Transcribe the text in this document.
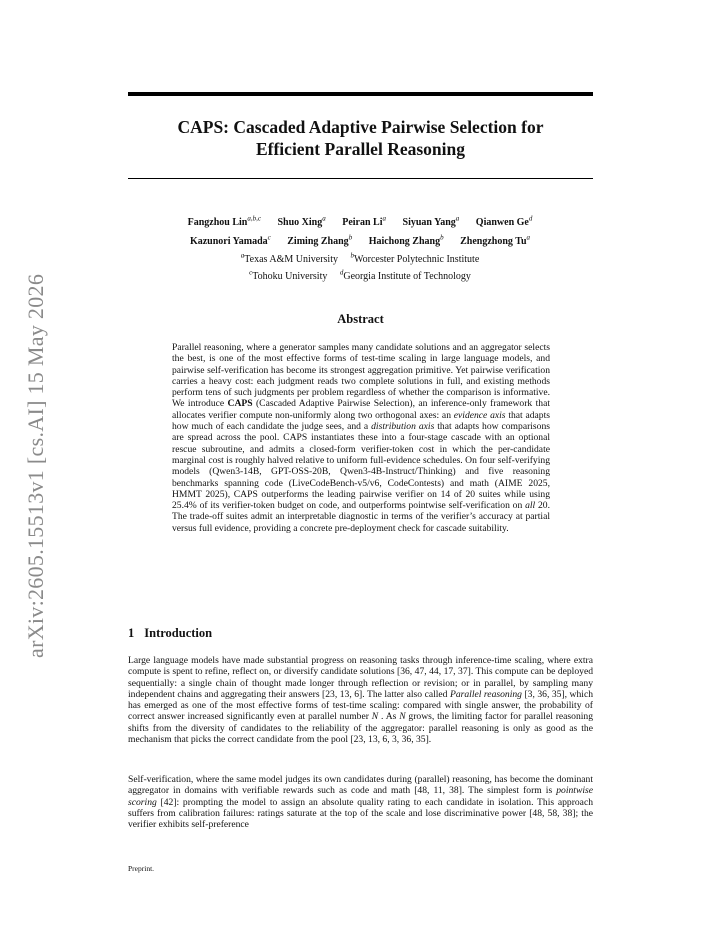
arXiv:2605.15513v1 [cs.AI] 15 May 2026
CAPS: Cascaded Adaptive Pairwise Selection for
Efficient Parallel Reasoning
Fangzhou Lin$^{a,b,c}$ Shuo Xing$^a$ Peiran Li$^a$ Siyuan Yang$^a$ Qianwen Ge$^d$
Kazunori Yamada$^c$ Ziming Zhang$^b$ Haichong Zhang$^b$ Zhengzhong Tu$^a$
$^a$Texas A&M University $^b$Worcester Polytechnic Institute
$^c$Tohoku University $^d$Georgia Institute of Technology
Abstract
Parallel reasoning, where a generator samples many candidate solutions and an aggregator selects the best, is one of the most effective forms of test-time scaling in large language models, and pairwise self-verification has become its strongest aggregation primitive. Yet pairwise verification carries a heavy cost: each judgment reads two complete solutions in full, and existing methods perform tens of such judgments per problem regardless of whether the comparison is informative. We introduce CAPS (Cascaded Adaptive Pairwise Selection), an inference-only framework that allocates verifier compute non-uniformly along two orthogonal axes: an evidence axis that adapts how much of each candidate the judge sees, and a distribution axis that adapts how comparisons are spread across the pool. CAPS instantiates these into a four-stage cascade with an optional rescue subroutine, and admits a closed-form verifier-token cost in which the per-candidate marginal cost is roughly halved relative to uniform full-evidence schedules. On four self-verifying models (Qwen3-14B, GPT-OSS-20B, Qwen3-4B-Instruct/Thinking) and five reasoning benchmarks spanning code (LiveCodeBench-v5/v6, CodeContests) and math (AIME 2025, HMMT 2025), CAPS outperforms the leading pairwise verifier on 14 of 20 suites while using 25.4% of its verifier-token budget on code, and outperforms pointwise self-verification on all 20. The trade-off suites admit an interpretable diagnostic in terms of the verifier’s accuracy at partial versus full evidence, providing a concrete pre-deployment check for cascade suitability.
1 Introduction
Large language models have made substantial progress on reasoning tasks through inference-time scaling, where extra compute is spent to refine, reflect on, or diversify candidate solutions [36, 47, 44, 17, 37]. This compute can be deployed sequentially: a single chain of thought made longer through reflection or revision; or in parallel, by sampling many independent chains and aggregating their answers [23, 13, 6]. The latter also called Parallel reasoning [3, 36, 35], which has emerged as one of the most effective forms of test-time scaling: compared with single answer, the probability of correct answer increased significantly even at parallel number N . As N grows, the limiting factor for parallel reasoning shifts from the diversity of candidates to the reliability of the aggregator: parallel reasoning is only as good as the mechanism that picks the correct candidate from the pool [23, 13, 6, 3, 36, 35].
Self-verification, where the same model judges its own candidates during (parallel) reasoning, has become the dominant aggregator in domains with verifiable rewards such as code and math [48, 11, 38]. The simplest form is pointwise scoring [42]: prompting the model to assign an absolute quality rating to each candidate in isolation. This approach suffers from calibration failures: ratings saturate at the top of the scale and lose discriminative power [48, 58, 38]; the verifier exhibits self-preference
Preprint.
